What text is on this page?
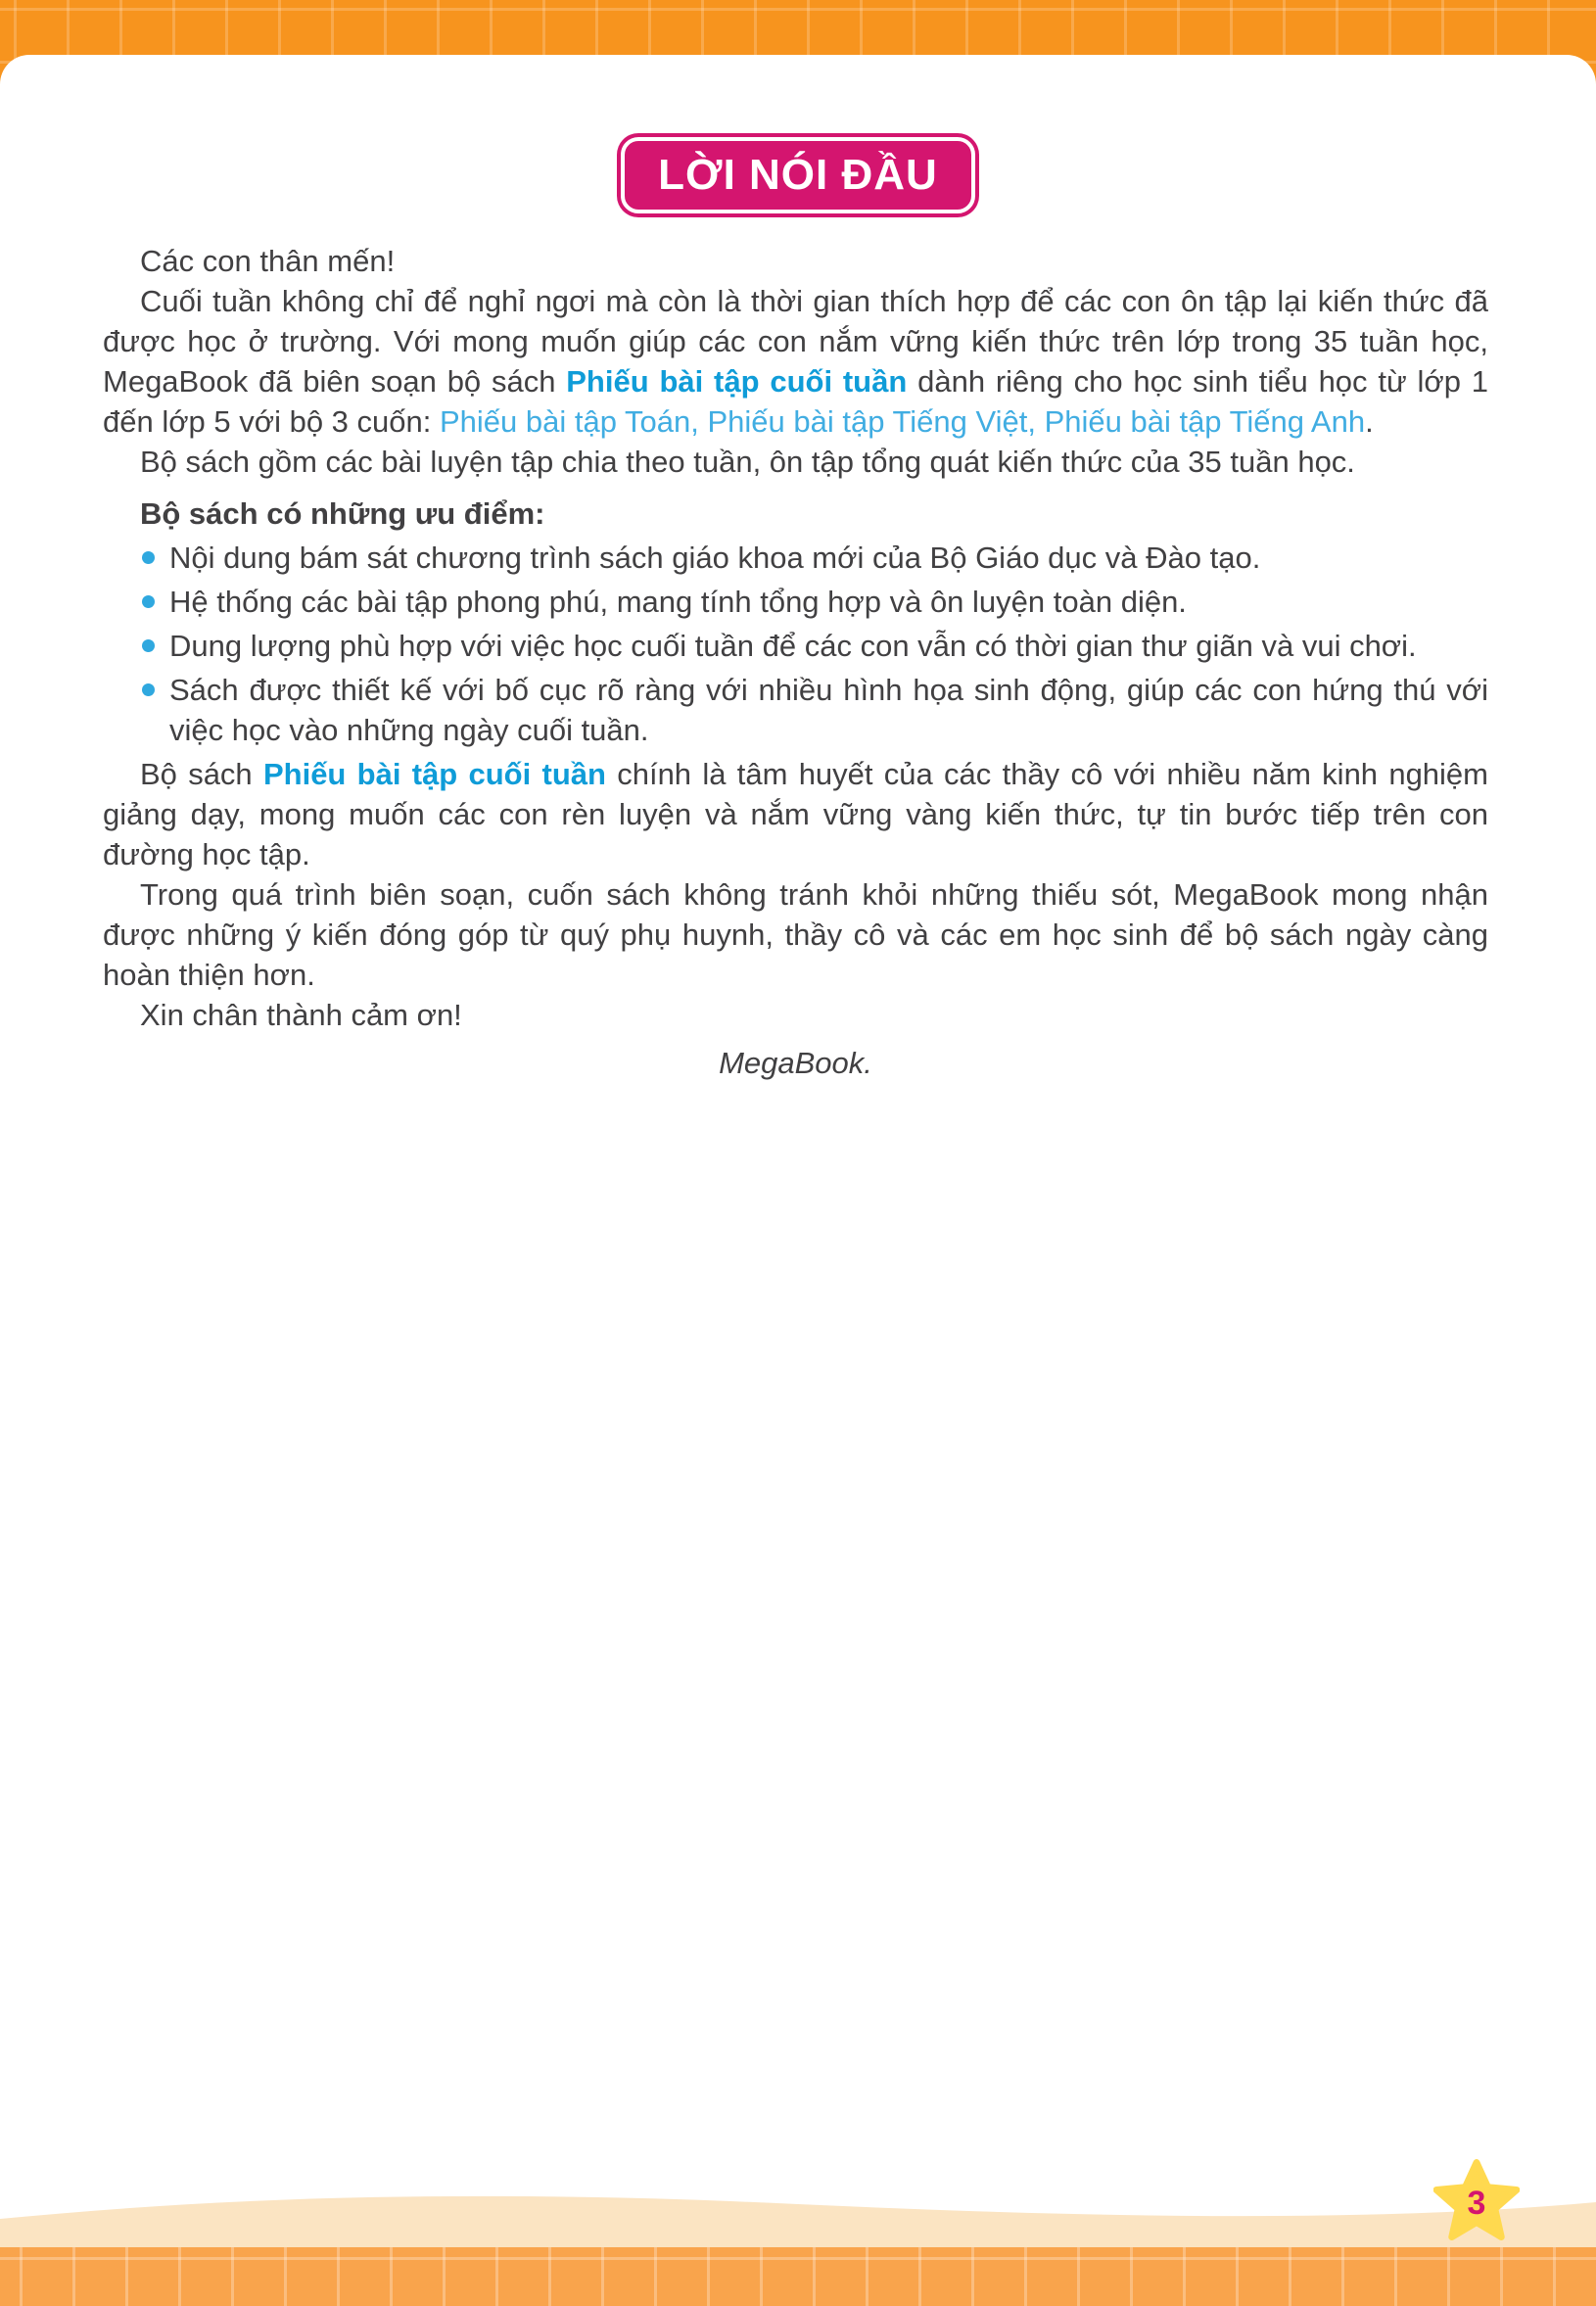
LỜI NÓI ĐẦU

Các con thân mến!

Cuối tuần không chỉ để nghỉ ngơi mà còn là thời gian thích hợp để các con ôn tập lại kiến thức đã được học ở trường. Với mong muốn giúp các con nắm vững kiến thức trên lớp trong 35 tuần học, MegaBook đã biên soạn bộ sách Phiếu bài tập cuối tuần dành riêng cho học sinh tiểu học từ lớp 1 đến lớp 5 với bộ 3 cuốn: Phiếu bài tập Toán, Phiếu bài tập Tiếng Việt, Phiếu bài tập Tiếng Anh.

Bộ sách gồm các bài luyện tập chia theo tuần, ôn tập tổng quát kiến thức của 35 tuần học.

Bộ sách có những ưu điểm:

Nội dung bám sát chương trình sách giáo khoa mới của Bộ Giáo dục và Đào tạo.
Hệ thống các bài tập phong phú, mang tính tổng hợp và ôn luyện toàn diện.
Dung lượng phù hợp với việc học cuối tuần để các con vẫn có thời gian thư giãn và vui chơi.
Sách được thiết kế với bố cục rõ ràng với nhiều hình họa sinh động, giúp các con hứng thú với việc học vào những ngày cuối tuần.

Bộ sách Phiếu bài tập cuối tuần chính là tâm huyết của các thầy cô với nhiều năm kinh nghiệm giảng dạy, mong muốn các con rèn luyện và nắm vững vàng kiến thức, tự tin bước tiếp trên con đường học tập.

Trong quá trình biên soạn, cuốn sách không tránh khỏi những thiếu sót, MegaBook mong nhận được những ý kiến đóng góp từ quý phụ huynh, thầy cô và các em học sinh để bộ sách ngày càng hoàn thiện hơn.

Xin chân thành cảm ơn!

MegaBook.

3
